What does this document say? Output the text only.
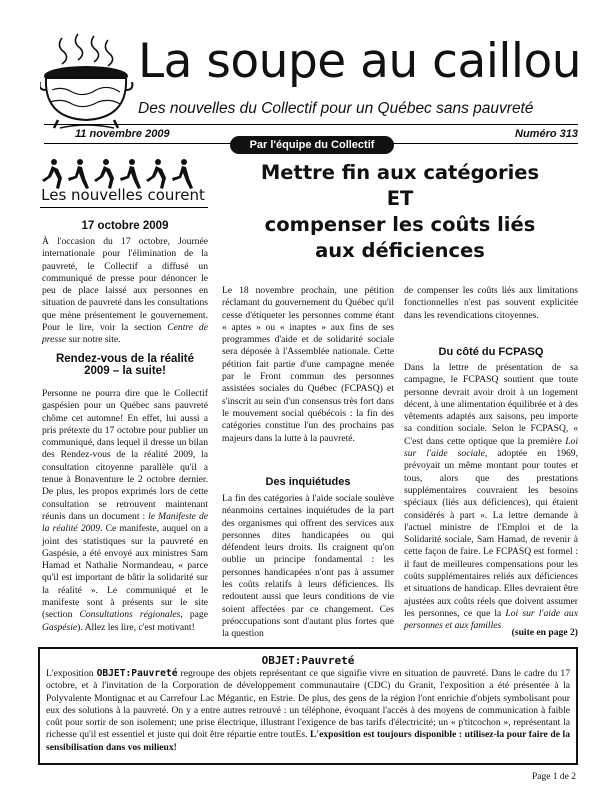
La soupe au caillou
Des nouvelles du Collectif pour un Québec sans pauvreté
11 novembre 2009	Numéro 313
Par l'équipe du Collectif
Les nouvelles courent
17 octobre 2009

À l'occasion du 17 octobre, Journée internationale pour l'élimination de la pauvreté, le Collectif a diffusé un communiqué de presse pour dénoncer le peu de place laissé aux personnes en situation de pauvreté dans les consultations que mène présentement le gouvernement. Pour le lire, voir la section Centre de presse sur notre site.

Rendez-vous de la réalité 2009 – la suite!

Personne ne pourra dire que le Collectif gaspésien pour un Québec sans pauvreté chôme cet automne! En effet, lui aussi a pris prétexte du 17 octobre pour publier un communiqué, dans lequel il dresse un bilan des Rendez-vous de la réalité 2009, la consultation citoyenne parallèle qu'il a tenue à Bonaventure le 2 octobre dernier. De plus, les propos exprimés lors de cette consultation se retrouvent maintenant réunis dans un document : le Manifeste de la réalité 2009. Ce manifeste, auquel on a joint des statistiques sur la pauvreté en Gaspésie, a été envoyé aux ministres Sam Hamad et Nathalie Normandeau, « parce qu'il est important de bâtir la solidarité sur la réalité ». Le communiqué et le manifeste sont à présents sur le site (section Consultations régionales, page Gaspésie). Allez les lire, c'est motivant!

Mettre fin aux catégories
ET
compenser les coûts liés
aux déficiences

Le 18 novembre prochain, une pétition réclamant du gouvernement du Québec qu'il cesse d'étiqueter les personnes comme étant « aptes » ou « inaptes » aux fins de ses programmes d'aide et de solidarité sociale sera déposée à l'Assemblée nationale. Cette pétition fait partie d'une campagne menée par le Front commun des personnes assistées sociales du Québec (FCPASQ) et s'inscrit au sein d'un consensus très fort dans le mouvement social québécois : la fin des catégories constitue l'un des prochains pas majeurs dans la lutte à la pauvreté.

Des inquiétudes

La fin des catégories à l'aide sociale soulève néanmoins certaines inquiétudes de la part des organismes qui offrent des services aux personnes dites handicapées ou qui défendent leurs droits. Ils craignent qu'on oublie un principe fondamental : les personnes handicapées n'ont pas à assumer les coûts relatifs à leurs déficiences. Ils redoutent aussi que leurs conditions de vie soient affectées par ce changement. Ces préoccupations sont d'autant plus fortes que la question

de compenser les coûts liés aux limitations fonctionnelles n'est pas souvent explicitée dans les revendications citoyennes.

Du côté du FCPASQ

Dans la lettre de présentation de sa campagne, le FCPASQ soutient que toute personne devrait avoir droit à un logement décent, à une alimentation équilibrée et à des vêtements adaptés aux saisons, peu importe sa condition sociale. Selon le FCPASQ, « C'est dans cette optique que la première Loi sur l'aide sociale, adoptée en 1969, prévoyait un même montant pour toutes et tous, alors que des prestations supplémentaires couvraient les besoins spéciaux (liés aux déficiences), qui étaient considérés à part ». La lettre demande à l'actuel ministre de l'Emploi et de la Solidarité sociale, Sam Hamad, de revenir à cette façon de faire. Le FCPASQ est formel : il faut de meilleures compensations pour les coûts supplémentaires reliés aux déficiences et situations de handicap. Elles devraient être ajustées aux coûts réels que doivent assumer les personnes, ce que la Loi sur l'aide aux personnes et aux familles

(suite en page 2)
OBJET:Pauvreté

L'exposition OBJET:Pauvreté regroupe des objets représentant ce que signifie vivre en situation de pauvreté. Dans le cadre du 17 octobre, et à l'invitation de la Corporation de développement communautaire (CDC) du Granit, l'exposition a été présentée à la Polyvalente Montignac et au Carrefour Lac Mégantic, en Estrie. De plus, des gens de la région l'ont enrichie d'objets symbolisant pour eux des solutions à la pauvreté. On y a entre autres retrouvé : un téléphone, évoquant l'accès à des moyens de communication à faible coût pour sortir de son isolement; une prise électrique, illustrant l'exigence de bas tarifs d'électricité; un « p'titcochon », représentant la richesse qu'il est essentiel et juste qui doit être répartie entre toutEs. L'exposition est toujours disponible : utilisez-la pour faire de la sensibilisation dans vos milieux!

Page 1 de 2
